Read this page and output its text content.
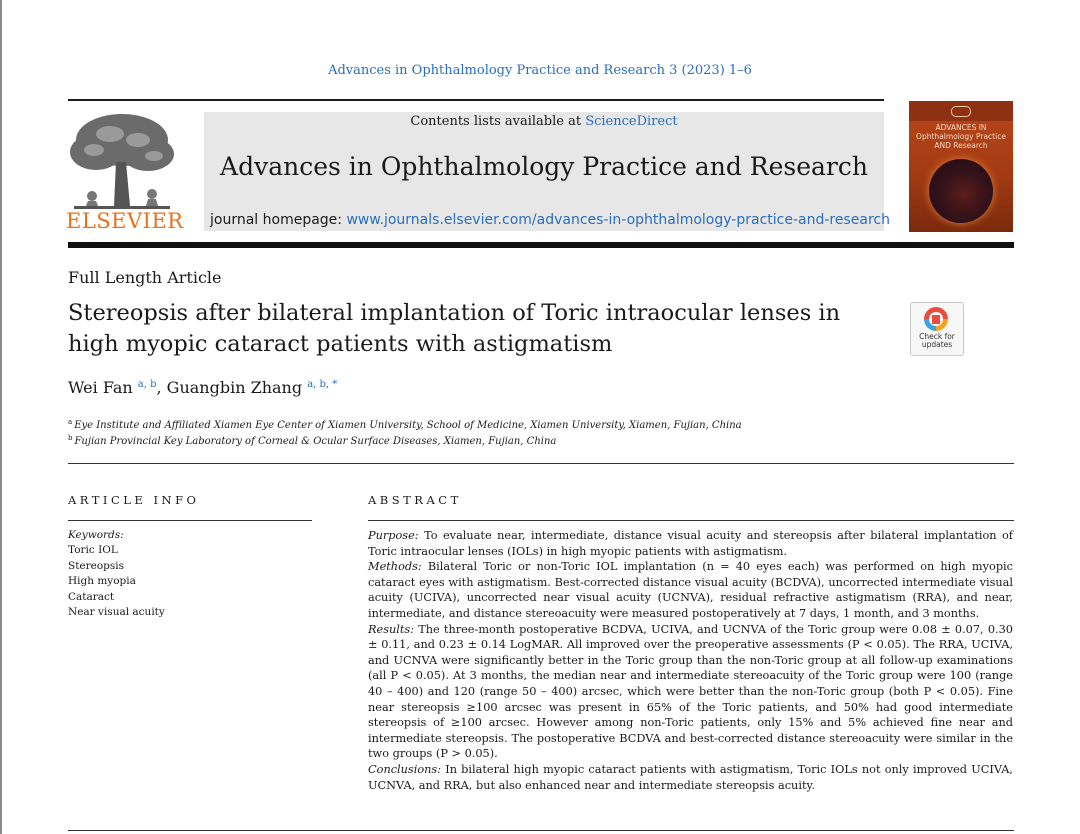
Advances in Ophthalmology Practice and Research 3 (2023) 1–6
ELSEVIER
Contents lists available at ScienceDirect
Advances in Ophthalmology Practice and Research
journal homepage: www.journals.elsevier.com/advances-in-ophthalmology-practice-and-research
ADVANCES IN Ophthalmology Practice AND Research
Full Length Article
Stereopsis after bilateral implantation of Toric intraocular lenses in high myopic cataract patients with astigmatism	Check for updates
Wei Fan $^{a, b}$, Guangbin Zhang $^{a, b, *}$
$^a$ Eye Institute and Affiliated Xiamen Eye Center of Xiamen University, School of Medicine, Xiamen University, Xiamen, Fujian, China
$^b$ Fujian Provincial Key Laboratory of Corneal & Ocular Surface Diseases, Xiamen, Fujian, China
ARTICLE INFO
Keywords:
Toric IOL
Stereopsis
High myopia
Cataract
Near visual acuity
ABSTRACT

Purpose: To evaluate near, intermediate, distance visual acuity and stereopsis after bilateral implantation of Toric intraocular lenses (IOLs) in high myopic patients with astigmatism.

Methods: Bilateral Toric or non-Toric IOL implantation (n = 40 eyes each) was performed on high myopic cataract eyes with astigmatism. Best-corrected distance visual acuity (BCDVA), uncorrected intermediate visual acuity (UCIVA), uncorrected near visual acuity (UCNVA), residual refractive astigmatism (RRA), and near, intermediate, and distance stereoacuity were measured postoperatively at 7 days, 1 month, and 3 months.

Results: The three-month postoperative BCDVA, UCIVA, and UCNVA of the Toric group were 0.08 ± 0.07, 0.30 ± 0.11, and 0.23 ± 0.14 LogMAR. All improved over the preoperative assessments (P < 0.05). The RRA, UCIVA, and UCNVA were significantly better in the Toric group than the non-Toric group at all follow-up examinations (all P < 0.05). At 3 months, the median near and intermediate stereoacuity of the Toric group were 100 (range 40 – 400) and 120 (range 50 – 400) arcsec, which were better than the non-Toric group (both P < 0.05). Fine near stereopsis ≥100 arcsec was present in 65% of the Toric patients, and 50% had good intermediate stereopsis of ≥100 arcsec. However among non-Toric patients, only 15% and 5% achieved fine near and intermediate stereopsis. The postoperative BCDVA and best-corrected distance stereoacuity were similar in the two groups (P > 0.05).

Conclusions: In bilateral high myopic cataract patients with astigmatism, Toric IOLs not only improved UCIVA, UCNVA, and RRA, but also enhanced near and intermediate stereopsis acuity.
